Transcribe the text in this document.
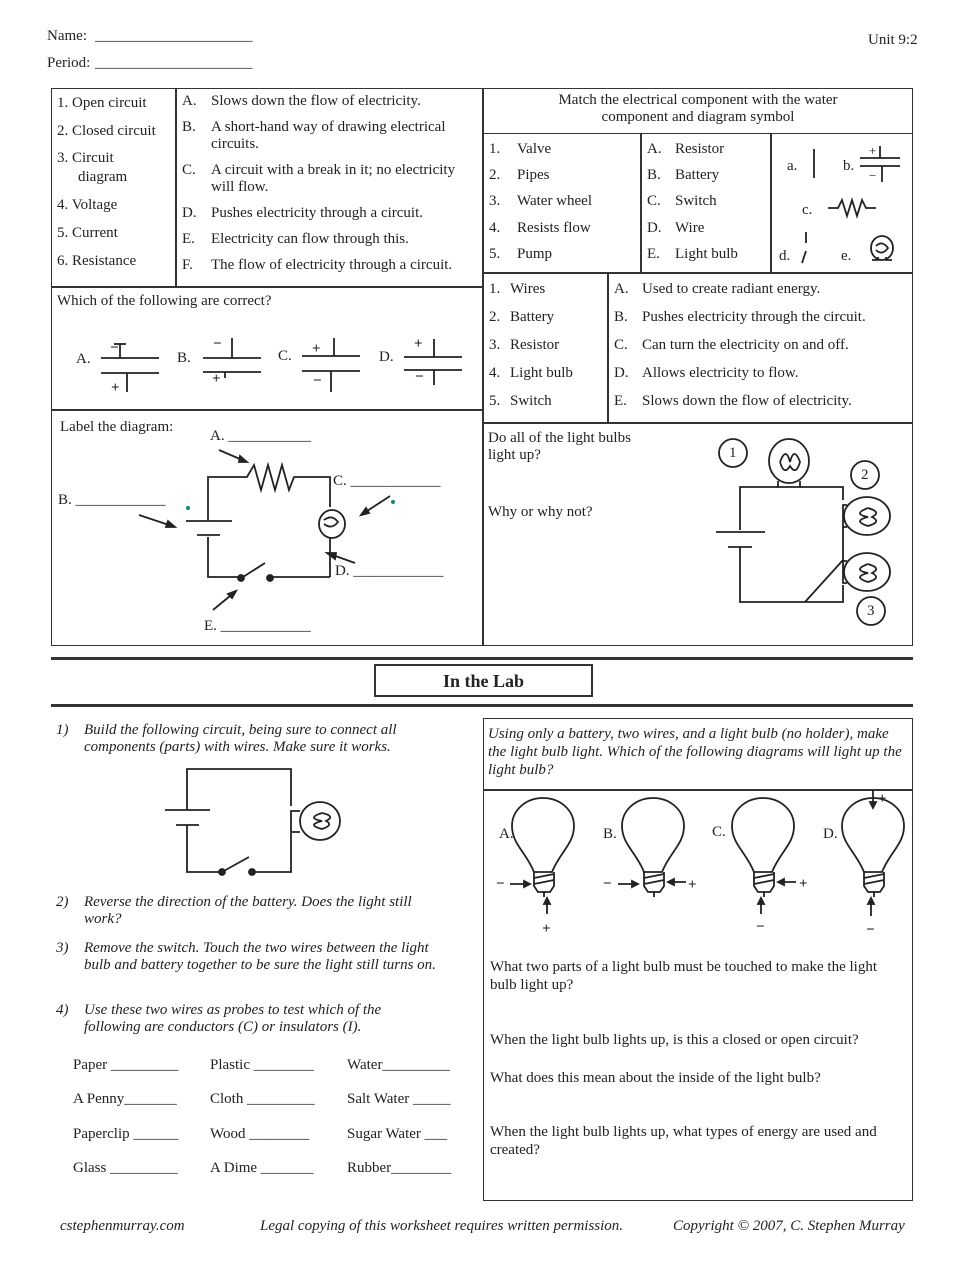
Name: _____________________
Period: _____________________
Unit 9:2
1. Open circuit
2. Closed circuit
3. Circuit
diagram
4. Voltage
5. Current
6. Resistance
A. Slows down the flow of electricity.
B. A short-hand way of drawing electrical circuits.
C. A circuit with a break in it; no electricity will flow.
D. Pushes electricity through a circuit.
E. Electricity can flow through this.
F. The flow of electricity through a circuit.
Which of the following are correct?
A.	B.	C.	D.
−
+
−
+
+
−
+
−
Label the diagram:
A. ___________
B. ____________
C. ____________
D. ____________
E. ____________
Match the electrical component with the water component and diagram symbol
1. Valve
2. Pipes
3. Water wheel
4. Resists flow
5. Pump
A. Resistor
B. Battery
C. Switch
D. Wire
E. Light bulb
a.	b.
c.
d.	e.
+
−
1. Wires
2. Battery
3. Resistor
4. Light bulb
5. Switch
A. Used to create radiant energy.
B. Pushes electricity through the circuit.
C. Can turn the electricity on and off.
D. Allows electricity to flow.
E. Slows down the flow of electricity.
Do all of the light bulbs light up?
Why or why not?
1
2
3
In the Lab
1) Build the following circuit, being sure to connect all components (parts) with wires. Make sure it works.
2) Reverse the direction of the battery. Does the light still work?
3) Remove the switch. Touch the two wires between the light bulb and battery together to be sure the light still turns on.
4) Use these two wires as probes to test which of the following are conductors (C) or insulators (I).
Paper _________ Plastic ________ Water_________
A Penny_______ Cloth _________ Salt Water _____
Paperclip ______ Wood ________	Sugar Water ___
Glass _________ A Dime _______ Rubber________
Using only a battery, two wires, and a light bulb (no holder), make the light bulb light. Which of the following diagrams will light up the light bulb?
A.	B.	C.	D.
−
+
−	+	+
−
+
−
What two parts of a light bulb must be touched to make the light bulb light up?
When the light bulb lights up, is this a closed or open circuit?
What does this mean about the inside of the light bulb?
When the light bulb lights up, what types of energy are used and created?
cstephenmurray.com	Legal copying of this worksheet requires written permission.	Copyright © 2007, C. Stephen Murray
